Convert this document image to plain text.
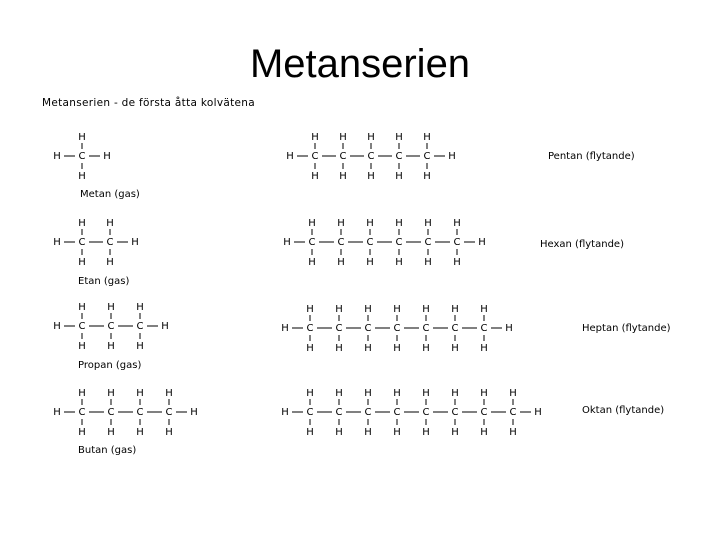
Metanserien
Metanserien - de första åtta kolvätena
H C
H
H
H
Metan (gas)
H C
H
H
C
H
H
H
Etan (gas)
H C
H
H
C
H
H
C
H
H
H
Propan (gas)
H C
H
H
C
H
H
C
H
H
C
H
H
H
Butan (gas)
H C
H
H
C
H
H
C
H
H
C
H
H
C
H
H
H	Pentan (flytande)
H C
H
H
C
H
H
C
H
H
C
H
H
C
H
H
C
H
H
H	Hexan (flytande)
H C
H
H
C
H
H
C
H
H
C
H
H
C
H
H
C
H
H
C
H
H
H	Heptan (flytande)
H C
H
H
C
H
H
C
H
H
C
H
H
C
H
H
C
H
H
C
H
H
C
H
H
H	Oktan (flytande)
